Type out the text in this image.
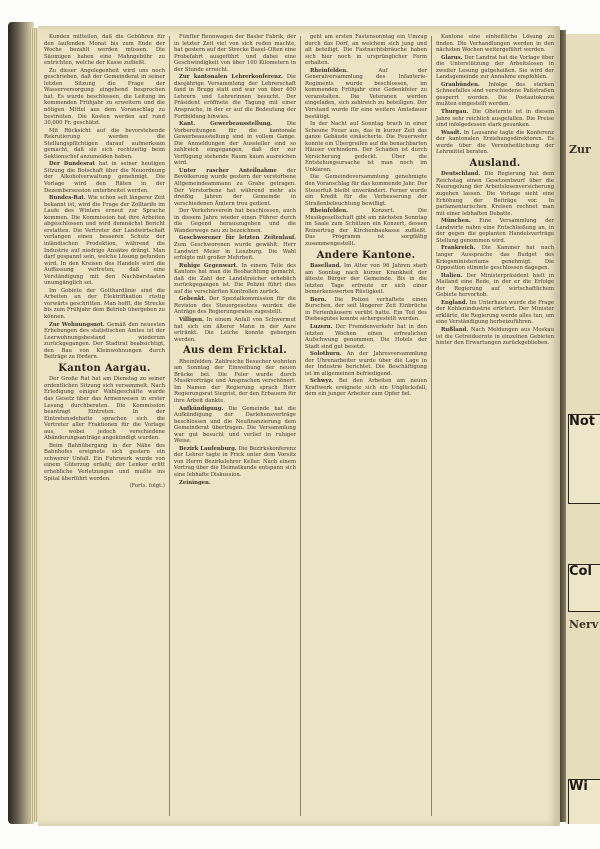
Kunden mitteilen, daß die Gebühren für den laufenden Monat bis zum Ende der Woche bezahlt werden müssen. Die Säumigen haben eine Mahngebühr zu entrichten, welche der Kasse zufließt.

Zu dieser Angelegenheit wird uns noch geschrieben, daß der Gemeinderat in seiner letzten Sitzung die Frage der Wasserversorgung eingehend besprochen hat. Es wurde beschlossen, die Leitung im kommenden Frühjahr zu erweitern und die nötigen Mittel aus dem Voranschlag zu bestreiten. Die Kosten werden auf rund 30,000 Fr. geschätzt.

Mit Rücksicht auf die bevorstehende Rekrutierung werden die Stellungspflichtigen darauf aufmerksam gemacht, daß sie sich rechtzeitig beim Sektionschef anzumelden haben.

Der Bundesrat hat in seiner heutigen Sitzung die Botschaft über die Neuordnung der Alkoholverwaltung genehmigt. Die Vorlage wird den Räten in der Dezembersession unterbreitet werden.

Bundes-Rat. Wie schon seit längerer Zeit bekannt ist, wird die Frage der Zolltarife im Laufe des Winters erneut zur Sprache kommen. Die Kommission hat ihre Arbeiten abgeschlossen und wird demnächst Bericht erstatten. Die Vertreter der Landwirtschaft verlangen einen besseren Schutz der inländischen Produktion, während die Industrie auf niedrige Ansätze drängt. Man darf gespannt sein, welche Lösung gefunden wird. In den Kreisen des Handels wird die Auffassung vertreten, daß eine Verständigung mit den Nachbarstaaten unumgänglich sei.

Im Gebiete der Gotthardlinie sind die Arbeiten an der Elektrifikation rüstig vorwärts geschritten. Man hofft, die Strecke bis zum Frühjahr dem Betrieb übergeben zu können.

Zur Wohnungsnot. Gemäß den neuesten Erhebungen des statistischen Amtes ist der Leerwohnungsbestand wiederum zurückgegangen. Der Stadtrat beabsichtigt, den Bau von Kleinwohnungen durch Beiträge zu fördern.

Kanton Aargau.

Der Große Rat hat am Dienstag zu seiner ordentlichen Sitzung sich versammelt. Nach Erledigung einiger Wahlgeschäfte wurde das Gesetz über das Armenwesen in erster Lesung durchberaten. Die Kommission beantragt Eintreten. In der Eintretensdebatte sprachen sich die Vertreter aller Fraktionen für die Vorlage aus, wobei jedoch verschiedene Abänderungsanträge angekündigt wurden.

Beim Bahnübergang in der Nähe des Bahnhofes ereignete sich gestern ein schwerer Unfall. Ein Fuhrwerk wurde von einem Güterzug erfaßt; der Lenker erlitt erhebliche Verletzungen und mußte ins Spital überführt werden.

(Forts. folgt.)

Fünfter Rennwagen der Basler Fabrik, der in letzter Zeit viel von sich reden machte, hat gestern auf der Strecke Basel–Olten eine Probefahrt ausgeführt und dabei eine Geschwindigkeit von über 100 Kilometern in der Stunde erreicht.

Zur kantonalen Lehrerkonferenz. Die diesjährige Versammlung der Lehrerschaft fand in Brugg statt und war von über 400 Lehrern und Lehrerinnen besucht. Der Präsident eröffnete die Tagung mit einer Ansprache, in der er auf die Bedeutung der Fortbildung hinwies.

Kant. Gewerbeausstellung.	Die Vorbereitungen für die kantonale Gewerbeausstellung sind in vollem Gange. Die Anmeldungen der Aussteller sind so zahlreich eingegangen, daß der zur Verfügung stehende Raum kaum ausreichen wird.

Unter rascher Anteilnahme der Bevölkerung wurde gestern der verstorbene Altgemeindeammann zu Grabe getragen. Der Verstorbene hat während mehr als dreißig Jahren der Gemeinde in verschiedenen Ämtern treu gedient.

Der Verkehrsverein hat beschlossen, auch in diesem Jahre wieder einen Führer durch die Gegend herauszugeben und die Wanderwege neu zu bezeichnen.

Geschworener für letzten Zeitenlauf. Zum Geschworenen wurde gewählt: Herr Landwirt Meier in Lenzburg. Die Wahl erfolgte mit großer Mehrheit.

Ruhige Gegenwart. In einem Teile des Kantons hat man die Beobachtung gemacht, daß die Zahl der Landstreicher erheblich zurückgegangen ist. Die Polizei führt dies auf die verschärften Kontrollen zurück.

Gebenkt. Der Spezialkommission für die Revision des Steuergesetzes wurden die Anträge des Regierungsrates zugestellt.

Villigen. In einem Anfall von Schwermut hat sich ein älterer Mann in der Aare ertränkt. Die Leiche konnte geborgen werden.

Aus dem Fricktal.

Rheinfelden. Zahlreiche Besucher wohnten am Sonntag der Einweihung der neuen Brücke bei. Die Feier wurde durch Musikvorträge und Ansprachen verschönert. Im Namen der Regierung sprach Herr Regierungsrat Siegrist, der den Erbauern für ihre Arbeit dankte.

Aufkündigung. Die Gemeinde hat die Aufkündigung der Darlehensverträge beschlossen und die Neufinanzierung dem Gemeinderat übertragen. Die Versammlung war gut besucht und verlief in ruhiger Weise.

Bezirk Laufenburg. Die Bezirkskonferenz der Lehrer tagte in Frick unter dem Vorsitz von Herrn Bezirkslehrer Keller. Nach einem Vortrag über die Heimatkunde entspann sich eine lebhafte Diskussion.

Zeiningen.

geht am ersten Fastensonntag ein Umzug durch das Dorf, an welchem sich jung und alt beteiligt. Die Fastnachtsbräuche haben sich hier noch in ursprünglicher Form erhalten.

Rheinfelden.	Auf der Generalversammlung des Infanterie-Regiments wurde beschlossen, im kommenden Frühjahr eine Gedenkfeier zu veranstalten. Die Veteranen werden eingeladen, sich zahlreich zu beteiligen. Der Vorstand wurde für eine weitere Amtsdauer bestätigt.

In der Nacht auf Sonntag brach in einer Scheune Feuer aus, das in kurzer Zeit das ganze Gebäude einäscherte. Die Feuerwehr konnte ein Übergreifen auf die benachbarten Häuser verhindern. Der Schaden ist durch Versicherung gedeckt. Über die Entstehungsursache ist man noch im Unklaren.

Die Gemeindeversammlung genehmigte den Voranschlag für das kommende Jahr. Der Steuerfuß bleibt unverändert. Ferner wurde ein Kredit für die Verbesserung der Straßenbeleuchtung bewilligt.

Rheinfelden.	Konzert. Die Musikgesellschaft gibt am nächsten Sonntag im Saale zum Schützen ein Konzert, dessen Reinertrag der Kirchenbaukasse zufließt. Das Programm ist sorgfältig zusammengestellt.

Andere Kantone.

Baselland. Im Alter von 96 Jahren starb am Sonntag nach kurzer Krankheit der älteste Bürger der Gemeinde. Bis in die letzten Tage erfreute er sich einer bemerkenswerten Rüstigkeit.

Bern. Die Polizei verhaftete einen Burschen, der seit längerer Zeit Einbrüche in Ferienhäusern verübt hatte. Ein Teil des Diebesgutes konnte sichergestellt werden.

Luzern. Der Fremdenverkehr hat in den letzten Wochen einen erfreulichen Aufschwung genommen. Die Hotels der Stadt sind gut besetzt.

Solothurn. An der Jahresversammlung der Uhrenarbeiter wurde über die Lage in der Industrie berichtet. Die Beschäftigung ist im allgemeinen befriedigend.

Schwyz. Bei den Arbeiten am neuen Kraftwerk ereignete sich ein Unglücksfall, dem ein junger Arbeiter zum Opfer fiel.

Kantone eine einheitliche Lösung zu finden. Die Verhandlungen werden in den nächsten Wochen weitergeführt werden.

Glarus. Der Landrat hat die Vorlage über die Unterstützung der Arbeitslosen in zweiter Lesung gutgeheißen. Sie wird der Landsgemeinde zur Annahme empfohlen.

Graubünden. Infolge des starken Schneefalles sind verschiedene Paßstraßen gesperrt worden. Die Postautokurse mußten eingestellt werden.

Thurgau. Die Obsternte ist in diesem Jahre sehr reichlich ausgefallen. Die Preise sind infolgedessen stark gesunken.

Waadt. In Lausanne tagte die Konferenz der kantonalen Erziehungsdirektoren. Es wurde über die Vereinheitlichung der Lehrmittel beraten.

Ausland.

Deutschland. Die Regierung hat dem Reichstag einen Gesetzentwurf über die Neuregelung der Arbeitslosenversicherung zugehen lassen. Die Vorlage sieht eine Erhöhung der Beiträge vor. In parlamentarischen Kreisen rechnet man mit einer lebhaften Debatte.

München. Eine Versammlung der Landwirte nahm eine Entschließung an, in der gegen die geplanten Handelsverträge Stellung genommen wird.

Frankreich. Die Kammer hat nach langer Aussprache das Budget des Kriegsministeriums genehmigt. Die Opposition stimmte geschlossen dagegen.

Italien. Der Ministerpräsident hielt in Mailand eine Rede, in der er die Erfolge der Regierung auf wirtschaftlichem Gebiete hervorhob.

England. Im Unterhaus wurde die Frage der Kohlenindustrie erörtert. Der Minister erklärte, die Regierung werde alles tun, um eine Verständigung herbeizuführen.

Rußland. Nach Meldungen aus Moskau ist die Getreideernte in einzelnen Gebieten hinter den Erwartungen zurückgeblieben.

Zur
Not
Col
Nerv
Wi
